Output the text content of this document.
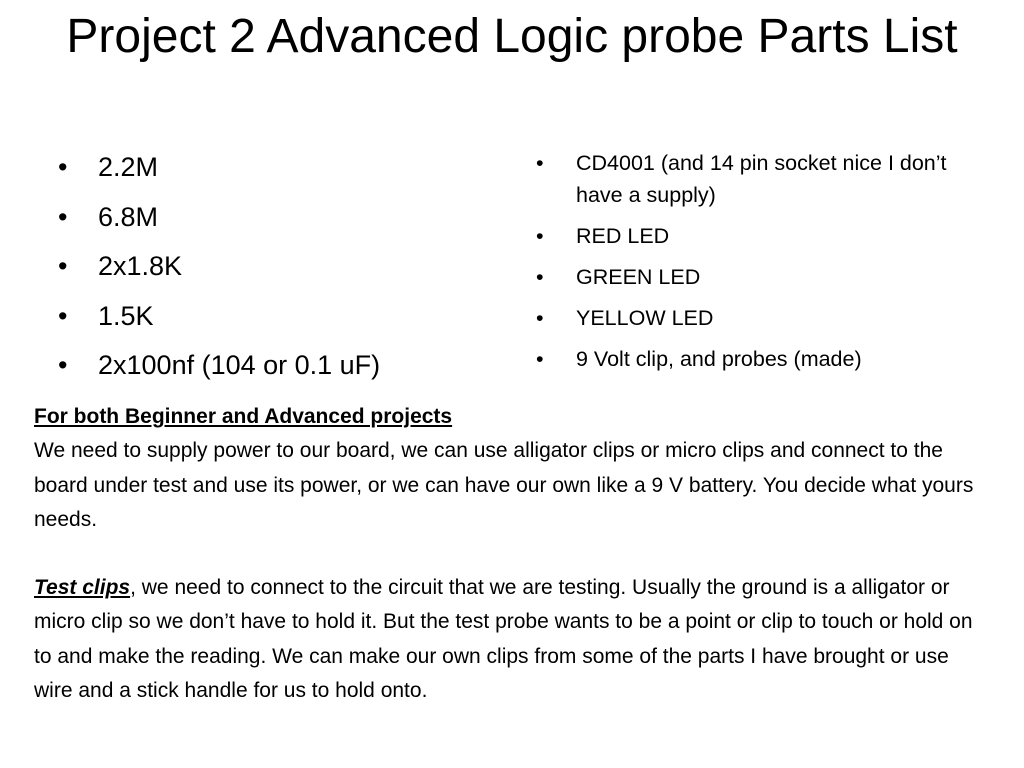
Project 2 Advanced Logic probe Parts List
• 2.2M
• 6.8M
• 2x1.8K
• 1.5K
• 2x100nf (104 or 0.1 uF)
• CD4001 (and 14 pin socket nice I don’t have a supply)
• RED LED
• GREEN LED
• YELLOW LED
• 9 Volt clip, and probes (made)

For both Beginner and Advanced projects

We need to supply power to our board, we can use alligator clips or micro clips and connect to the board under test and use its power, or we can have our own like a 9 V battery. You decide what yours needs.

Test clips, we need to connect to the circuit that we are testing. Usually the ground is a alligator or micro clip so we don’t have to hold it. But the test probe wants to be a point or clip to touch or hold on to and make the reading. We can make our own clips from some of the parts I have brought or use wire and a stick handle for us to hold onto.
